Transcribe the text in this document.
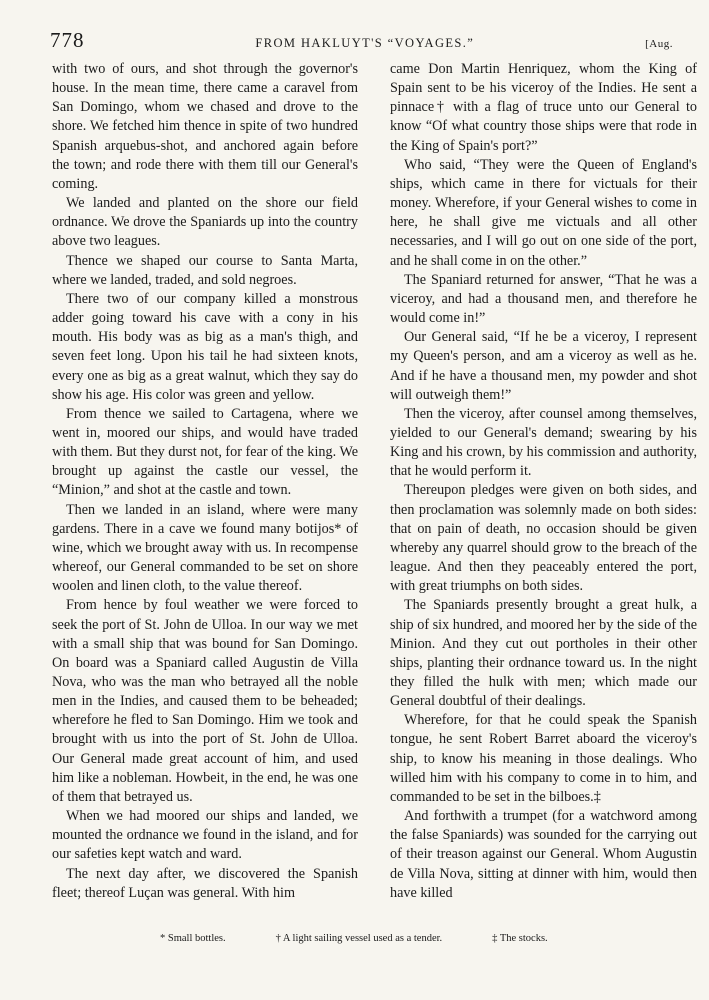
778	FROM HAKLUYT'S “VOYAGES.”	[Aug.

with two of ours, and shot through the governor's house. In the mean time, there came a caravel from San Domingo, whom we chased and drove to the shore. We fetched him thence in spite of two hundred Spanish arquebus-shot, and anchored again before the town; and rode there with them till our General's coming.

We landed and planted on the shore our field ordnance. We drove the Spaniards up into the country above two leagues.

Thence we shaped our course to Santa Marta, where we landed, traded, and sold negroes.

There two of our company killed a monstrous adder going toward his cave with a cony in his mouth. His body was as big as a man's thigh, and seven feet long. Upon his tail he had sixteen knots, every one as big as a great walnut, which they say do show his age. His color was green and yellow.

From thence we sailed to Cartagena, where we went in, moored our ships, and would have traded with them. But they durst not, for fear of the king. We brought up against the castle our vessel, the “Minion,” and shot at the castle and town.

Then we landed in an island, where were many gardens. There in a cave we found many botijos* of wine, which we brought away with us. In recompense whereof, our General commanded to be set on shore woolen and linen cloth, to the value thereof.

From hence by foul weather we were forced to seek the port of St. John de Ulloa. In our way we met with a small ship that was bound for San Domingo. On board was a Spaniard called Augustin de Villa Nova, who was the man who betrayed all the noble men in the Indies, and caused them to be beheaded; wherefore he fled to San Domingo. Him we took and brought with us into the port of St. John de Ulloa. Our General made great account of him, and used him like a nobleman. Howbeit, in the end, he was one of them that betrayed us.

When we had moored our ships and landed, we mounted the ordnance we found in the island, and for our safeties kept watch and ward.

The next day after, we discovered the Spanish fleet; thereof Luçan was general. With him

came Don Martin Henriquez, whom the King of Spain sent to be his viceroy of the Indies. He sent a pinnace† with a flag of truce unto our General to know “Of what country those ships were that rode in the King of Spain's port?”

Who said, “They were the Queen of England's ships, which came in there for victuals for their money. Wherefore, if your General wishes to come in here, he shall give me victuals and all other necessaries, and I will go out on one side of the port, and he shall come in on the other.”

The Spaniard returned for answer, “That he was a viceroy, and had a thousand men, and therefore he would come in!”

Our General said, “If he be a viceroy, I represent my Queen's person, and am a viceroy as well as he. And if he have a thousand men, my powder and shot will outweigh them!”

Then the viceroy, after counsel among themselves, yielded to our General's demand; swearing by his King and his crown, by his commission and authority, that he would perform it.

Thereupon pledges were given on both sides, and then proclamation was solemnly made on both sides: that on pain of death, no occasion should be given whereby any quarrel should grow to the breach of the league. And then they peaceably entered the port, with great triumphs on both sides.

The Spaniards presently brought a great hulk, a ship of six hundred, and moored her by the side of the Minion. And they cut out portholes in their other ships, planting their ordnance toward us. In the night they filled the hulk with men; which made our General doubtful of their dealings.

Wherefore, for that he could speak the Spanish tongue, he sent Robert Barret aboard the viceroy's ship, to know his meaning in those dealings. Who willed him with his company to come in to him, and commanded to be set in the bilboes.‡

And forthwith a trumpet (for a watchword among the false Spaniards) was sounded for the carrying out of their treason against our General. Whom Augustin de Villa Nova, sitting at dinner with him, would then have killed

* Small bottles.	† A light sailing vessel used as a tender.	‡ The stocks.
